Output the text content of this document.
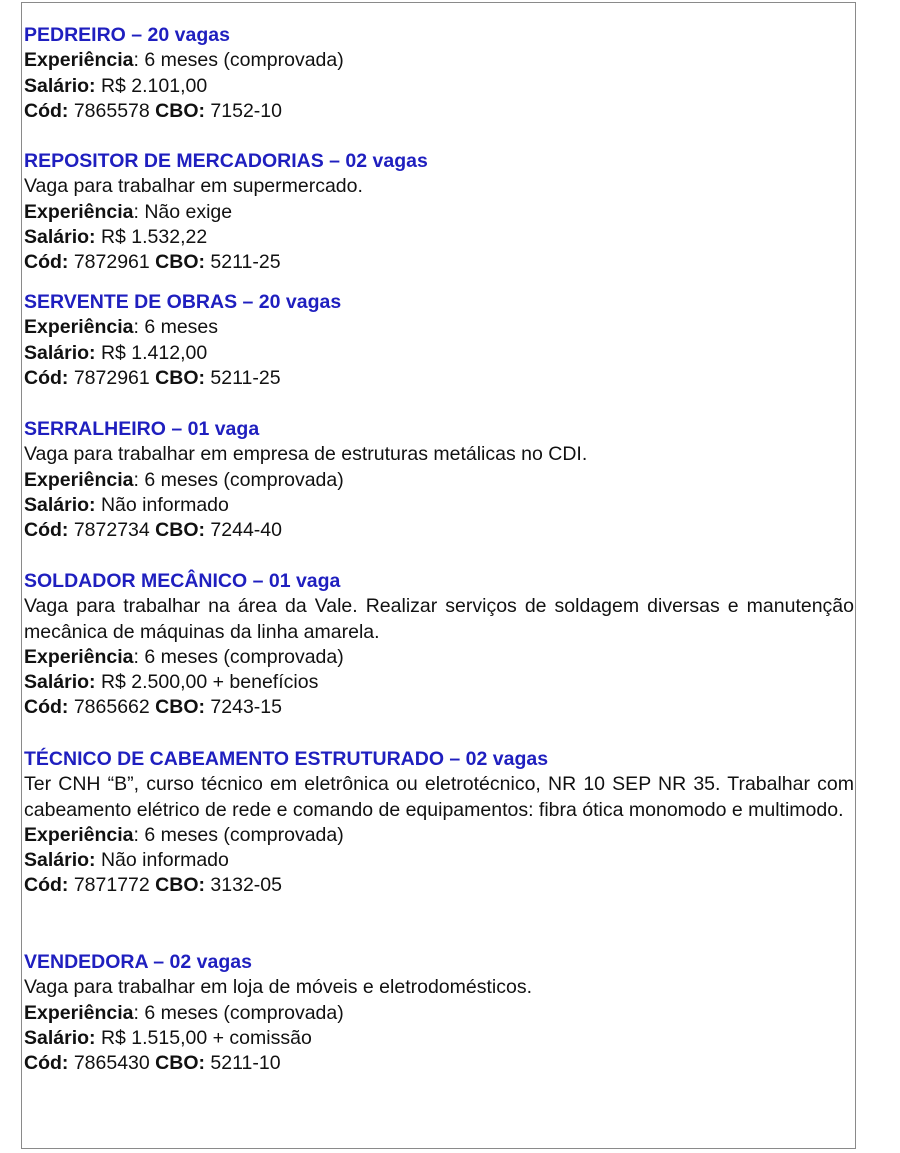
PEDREIRO – 20 vagas
Experiência: 6 meses (comprovada)
Salário: R$ 2.101,00
Cód: 7865578 CBO: 7152-10
REPOSITOR DE MERCADORIAS – 02 vagas
Vaga para trabalhar em supermercado.
Experiência: Não exige
Salário: R$ 1.532,22
Cód: 7872961 CBO: 5211-25
SERVENTE DE OBRAS – 20 vagas
Experiência: 6 meses
Salário: R$ 1.412,00
Cód: 7872961 CBO: 5211-25
SERRALHEIRO – 01 vaga
Vaga para trabalhar em empresa de estruturas metálicas no CDI.
Experiência: 6 meses (comprovada)
Salário: Não informado
Cód: 7872734 CBO: 7244-40
SOLDADOR MECÂNICO – 01 vaga
Vaga para trabalhar na área da Vale. Realizar serviços de soldagem diversas e manutenção mecânica de máquinas da linha amarela.
Experiência: 6 meses (comprovada)
Salário: R$ 2.500,00 + benefícios
Cód: 7865662 CBO: 7243-15
TÉCNICO DE CABEAMENTO ESTRUTURADO – 02 vagas
Ter CNH “B”, curso técnico em eletrônica ou eletrotécnico, NR 10 SEP NR 35. Trabalhar com cabeamento elétrico de rede e comando de equipamentos: fibra ótica monomodo e multimodo.
Experiência: 6 meses (comprovada)
Salário: Não informado
Cód: 7871772 CBO: 3132-05
VENDEDORA – 02 vagas
Vaga para trabalhar em loja de móveis e eletrodomésticos.
Experiência: 6 meses (comprovada)
Salário: R$ 1.515,00 + comissão
Cód: 7865430 CBO: 5211-10
